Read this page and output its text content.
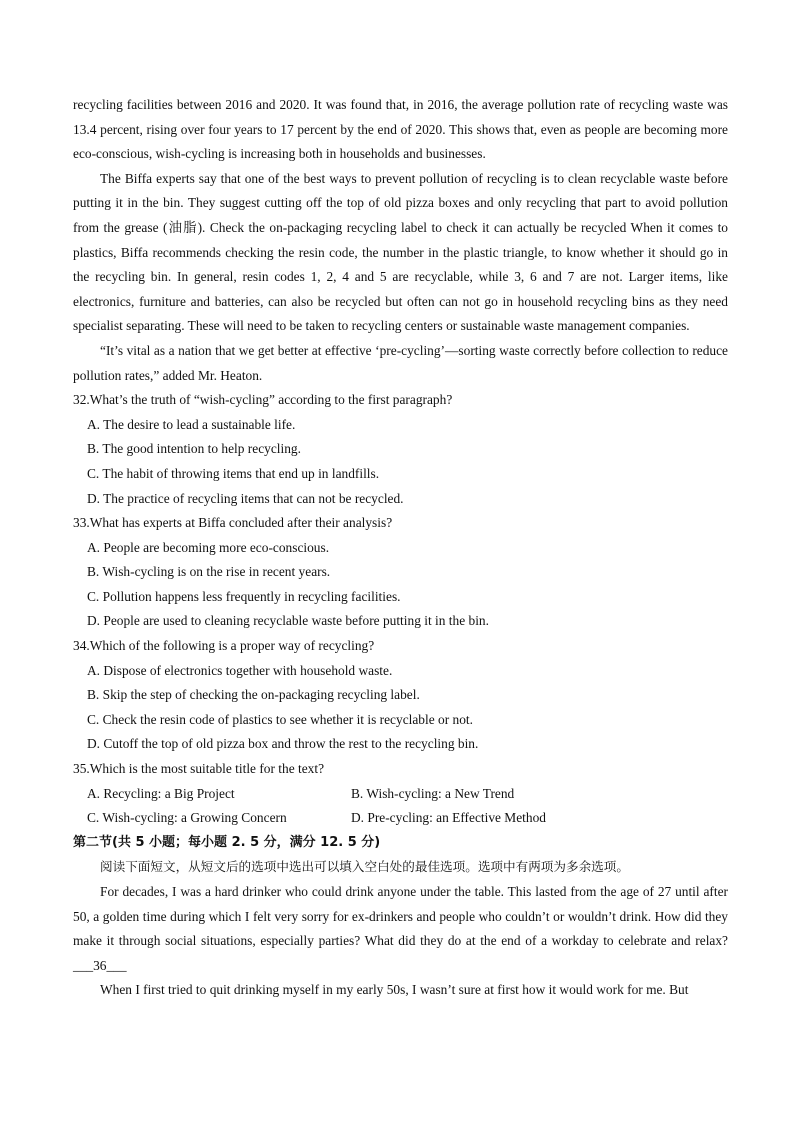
recycling facilities between 2016 and 2020. It was found that, in 2016, the average pollution rate of recycling waste was 13.4 percent, rising over four years to 17 percent by the end of 2020. This shows that, even as people are becoming more eco-conscious, wish-cycling is increasing both in households and businesses.

The Biffa experts say that one of the best ways to prevent pollution of recycling is to clean recyclable waste before putting it in the bin. They suggest cutting off the top of old pizza boxes and only recycling that part to avoid pollution from the grease (油脂). Check the on-packaging recycling label to check it can actually be recycled When it comes to plastics, Biffa recommends checking the resin code, the number in the plastic triangle, to know whether it should go in the recycling bin. In general, resin codes 1, 2, 4 and 5 are recyclable, while 3, 6 and 7 are not. Larger items, like electronics, furniture and batteries, can also be recycled but often can not go in household recycling bins as they need specialist separating. These will need to be taken to recycling centers or sustainable waste management companies.

“It’s vital as a nation that we get better at effective ‘pre-cycling’—sorting waste correctly before collection to reduce pollution rates,” added Mr. Heaton.

32.What’s the truth of “wish-cycling” according to the first paragraph?

A. The desire to lead a sustainable life.

B. The good intention to help recycling.

C. The habit of throwing items that end up in landfills.

D. The practice of recycling items that can not be recycled.

33.What has experts at Biffa concluded after their analysis?

A. People are becoming more eco-conscious.

B. Wish-cycling is on the rise in recent years.

C. Pollution happens less frequently in recycling facilities.

D. People are used to cleaning recyclable waste before putting it in the bin.

34.Which of the following is a proper way of recycling?

A. Dispose of electronics together with household waste.

B. Skip the step of checking the on-packaging recycling label.

C. Check the resin code of plastics to see whether it is recyclable or not.

D. Cutoff the top of old pizza box and throw the rest to the recycling bin.

35.Which is the most suitable title for the text?

A. Recycling: a Big Project	B. Wish-cycling: a New Trend
C. Wish-cycling: a Growing Concern	D. Pre-cycling: an Effective Method

第二节(共 5 小题；每小题 2. 5 分，满分 12. 5 分)

阅读下面短文，从短文后的选项中选出可以填入空白处的最佳选项。选项中有两项为多余选项。

For decades, I was a hard drinker who could drink anyone under the table. This lasted from the age of 27 until after 50, a golden time during which I felt very sorry for ex-drinkers and people who couldn’t or wouldn’t drink. How did they make it through social situations, especially parties? What did they do at the end of a workday to celebrate and relax? ___36___

When I first tried to quit drinking myself in my early 50s, I wasn’t sure at first how it would work for me. But
